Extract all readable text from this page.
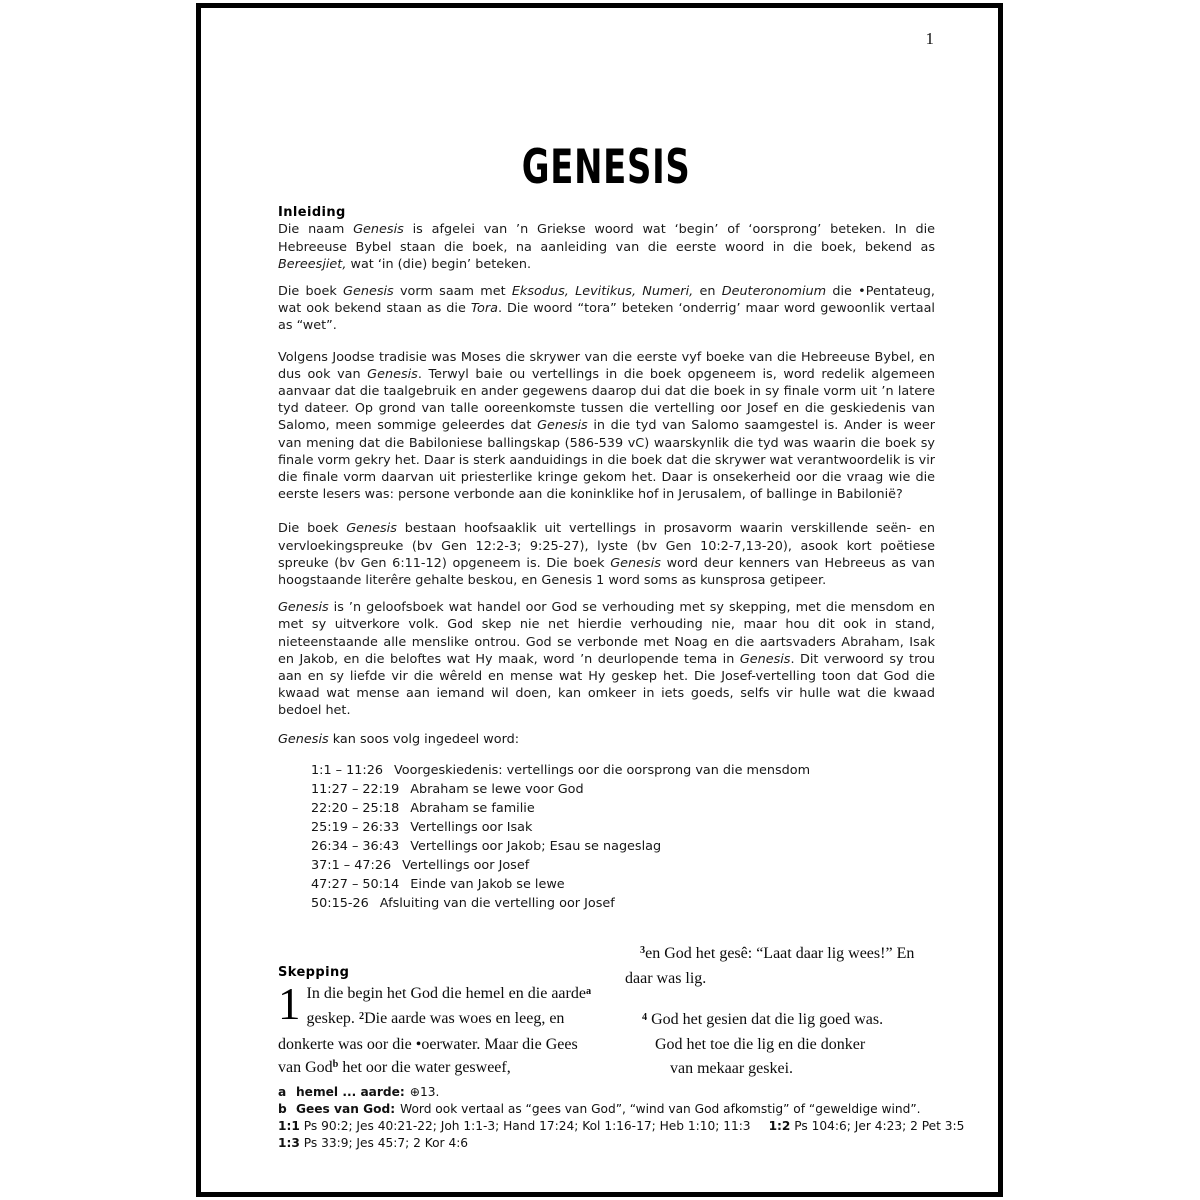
1
GENESIS
Inleiding

Die naam Genesis is afgelei van ’n Griekse woord wat ‘begin’ of ‘oorsprong’ beteken. In die Hebreeuse Bybel staan die boek, na aanleiding van die eerste woord in die boek, bekend as Bereesjiet, wat ‘in (die) begin’ beteken.

Die boek Genesis vorm saam met Eksodus, Levitikus, Numeri, en Deuteronomium die •Pentateug, wat ook bekend staan as die Tora. Die woord “tora” beteken ‘onderrig’ maar word gewoonlik vertaal as “wet”.

Volgens Joodse tradisie was Moses die skrywer van die eerste vyf boeke van die Hebreeuse Bybel, en dus ook van Genesis. Terwyl baie ou vertellings in die boek opgeneem is, word redelik algemeen aanvaar dat die taalgebruik en ander gegewens daarop dui dat die boek in sy finale vorm uit ’n latere tyd dateer. Op grond van talle ooreenkomste tussen die vertelling oor Josef en die geskiedenis van Salomo, meen sommige geleerdes dat Genesis in die tyd van Salomo saamgestel is. Ander is weer van mening dat die Babiloniese ballingskap (586-539 vC) waarskynlik die tyd was waarin die boek sy finale vorm gekry het. Daar is sterk aanduidings in die boek dat die skrywer wat verantwoordelik is vir die finale vorm daarvan uit priesterlike kringe gekom het. Daar is onsekerheid oor die vraag wie die eerste lesers was: persone verbonde aan die koninklike hof in Jerusalem, of ballinge in Babilonië?

Die boek Genesis bestaan hoofsaaklik uit vertellings in prosavorm waarin verskillende seën- en vervloekingspreuke (bv Gen 12:2-3; 9:25-27), lyste (bv Gen 10:2-7,13-20), asook kort poëtiese spreuke (bv Gen 6:11-12) opgeneem is. Die boek Genesis word deur kenners van Hebreeus as van hoogstaande literêre gehalte beskou, en Genesis 1 word soms as kunsprosa getipeer.

Genesis is ’n geloofsboek wat handel oor God se verhouding met sy skepping, met die mensdom en met sy uitverkore volk. God skep nie net hierdie verhouding nie, maar hou dit ook in stand, nieteenstaande alle menslike ontrou. God se verbonde met Noag en die aartsvaders Abraham, Isak en Jakob, en die beloftes wat Hy maak, word ’n deurlopende tema in Genesis. Dit verwoord sy trou aan en sy liefde vir die wêreld en mense wat Hy geskep het. Die Josef-vertelling toon dat God die kwaad wat mense aan iemand wil doen, kan omkeer in iets goeds, selfs vir hulle wat die kwaad bedoel het.

Genesis kan soos volg ingedeel word:

1:1 – 11:26 Voorgeskiedenis: vertellings oor die oorsprong van die mensdom
11:27 – 22:19 Abraham se lewe voor God
22:20 – 25:18 Abraham se familie
25:19 – 26:33 Vertellings oor Isak
26:34 – 36:43 Vertellings oor Jakob; Esau se nageslag
37:1 – 47:26 Vertellings oor Josef
47:27 – 50:14 Einde van Jakob se lewe
50:15-26 Afsluiting van die vertelling oor Josef
Skepping
1 In die begin het God die hemel en die aarde$^a$
geskep. $^2$Die aarde was woes en leeg, en
donkerte was oor die •oerwater. Maar die Gees
van God$^b$ het oor die water gesweef,
$^3$en God het gesê: “Laat daar lig wees!” En
daar was lig.
$^4$ God het gesien dat die lig goed was.
God het toe die lig en die donker
van mekaar geskei.
a hemel ... aarde: ⊕13.
b Gees van God: Word ook vertaal as “gees van God”, “wind van God afkomstig” of “geweldige wind”.
1:1 Ps 90:2; Jes 40:21-22; Joh 1:1-3; Hand 17:24; Kol 1:16-17; Heb 1:10; 11:3 1:2 Ps 104:6; Jer 4:23; 2 Pet 3:5
1:3 Ps 33:9; Jes 45:7; 2 Kor 4:6
